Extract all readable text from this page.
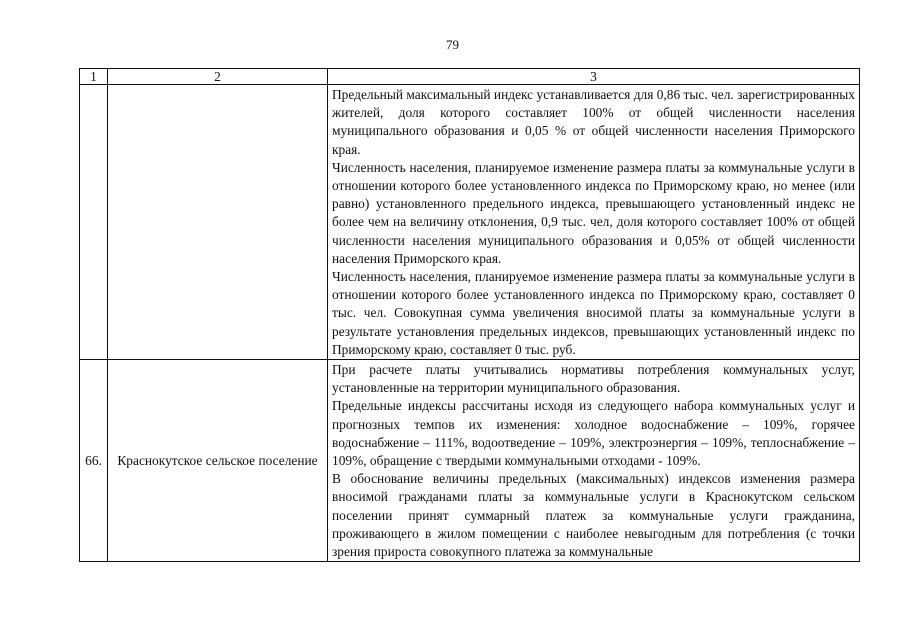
79
1	2	3

		Предельный максимальный индекс устанавливается для 0,86 тыс. чел. зарегистрированных жителей, доля которого составляет 100% от общей численности населения муниципального образования и 0,05 % от общей численности населения Приморского края.

Численность населения, планируемое изменение размера платы за коммунальные услуги в отношении которого более установленного индекса по Приморскому краю, но менее (или равно) установленного предельного индекса, превышающего установленный индекс не более чем на величину отклонения, 0,9 тыс. чел, доля которого составляет 100% от общей численности населения муниципального образования и 0,05% от общей численности населения Приморского края.

Численность населения, планируемое изменение размера платы за коммунальные услуги в отношении которого более установленного индекса по Приморскому краю, составляет 0 тыс. чел. Совокупная сумма увеличения вносимой платы за коммунальные услуги в результате установления предельных индексов, превышающих установленный индекс по Приморскому краю, составляет 0 тыс. руб.

66.	Краснокутское сельское поселение	При расчете платы учитывались нормативы потребления коммунальных услуг, установленные на территории муниципального образования.

Предельные индексы рассчитаны исходя из следующего набора коммунальных услуг и прогнозных темпов их изменения: холодное водоснабжение – 109%, горячее водоснабжение – 111%, водоотведение – 109%, электроэнергия – 109%, теплоснабжение – 109%, обращение с твердыми коммунальными отходами - 109%.

В обоснование величины предельных (максимальных) индексов изменения размера вносимой гражданами платы за коммунальные услуги в Краснокутском сельском поселении принят суммарный платеж за коммунальные услуги гражданина, проживающего в жилом помещении с наиболее невыгодным для потребления (с точки зрения прироста совокупного платежа за коммунальные
